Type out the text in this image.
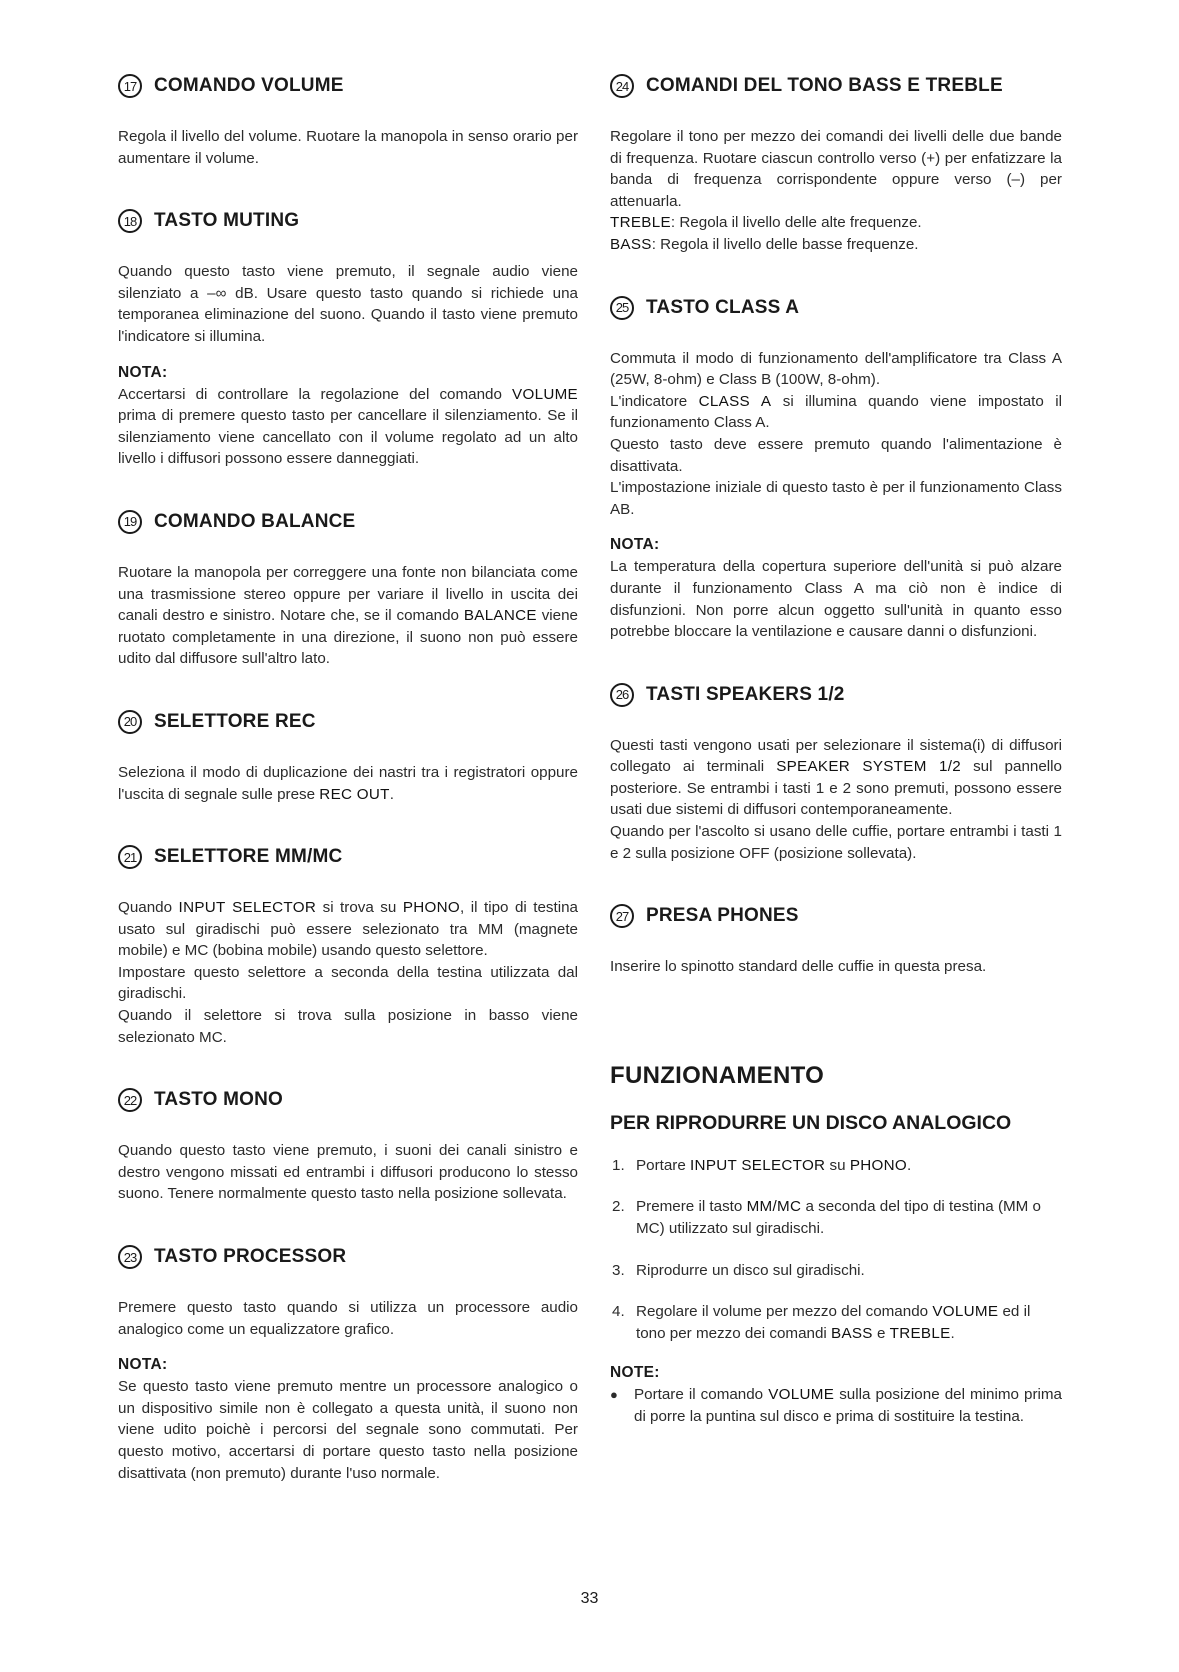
17 COMANDO VOLUME
Regola il livello del volume. Ruotare la manopola in senso orario per aumentare il volume.
18 TASTO MUTING
Quando questo tasto viene premuto, il segnale audio viene silenziato a –∞ dB. Usare questo tasto quando si richiede una temporanea eliminazione del suono. Quando il tasto viene premuto l'indicatore si illumina.
NOTA:
Accertarsi di controllare la regolazione del comando VOLUME prima di premere questo tasto per cancellare il silenziamento. Se il silenziamento viene cancellato con il volume regolato ad un alto livello i diffusori possono essere danneggiati.
19 COMANDO BALANCE
Ruotare la manopola per correggere una fonte non bilanciata come una trasmissione stereo oppure per variare il livello in uscita dei canali destro e sinistro. Notare che, se il comando BALANCE viene ruotato completamente in una direzione, il suono non può essere udito dal diffusore sull'altro lato.
20 SELETTORE REC
Seleziona il modo di duplicazione dei nastri tra i registratori oppure l'uscita di segnale sulle prese REC OUT.
21 SELETTORE MM/MC

Quando INPUT SELECTOR si trova su PHONO, il tipo di testina usato sul giradischi può essere selezionato tra MM (magnete mobile) e MC (bobina mobile) usando questo selettore.

Impostare questo selettore a seconda della testina utilizzata dal giradischi.

Quando il selettore si trova sulla posizione in basso viene selezionato MC.

22 TASTO MONO
Quando questo tasto viene premuto, i suoni dei canali sinistro e destro vengono missati ed entrambi i diffusori producono lo stesso suono. Tenere normalmente questo tasto nella posizione sollevata.
23 TASTO PROCESSOR
Premere questo tasto quando si utilizza un processore audio analogico come un equalizzatore grafico.
NOTA:
Se questo tasto viene premuto mentre un processore analogico o un dispositivo simile non è collegato a questa unità, il suono non viene udito poichè i percorsi del segnale sono commutati. Per questo motivo, accertarsi di portare questo tasto nella posizione disattivata (non premuto) durante l'uso normale.
24 COMANDI DEL TONO BASS E TREBLE

Regolare il tono per mezzo dei comandi dei livelli delle due bande di frequenza. Ruotare ciascun controllo verso (+) per enfatizzare la banda di frequenza corrispondente oppure verso (–) per attenuarla.

TREBLE: Regola il livello delle alte frequenze.

BASS: Regola il livello delle basse frequenze.

25 TASTO CLASS A

Commuta il modo di funzionamento dell'amplificatore tra Class A (25W, 8-ohm) e Class B (100W, 8-ohm).

L'indicatore CLASS A si illumina quando viene impostato il funzionamento Class A.

Questo tasto deve essere premuto quando l'alimentazione è disattivata.

L'impostazione iniziale di questo tasto è per il funzionamento Class AB.

NOTA:
La temperatura della copertura superiore dell'unità si può alzare durante il funzionamento Class A ma ciò non è indice di disfunzioni. Non porre alcun oggetto sull'unità in quanto esso potrebbe bloccare la ventilazione e causare danni o disfunzioni.
26 TASTI SPEAKERS 1/2

Questi tasti vengono usati per selezionare il sistema(i) di diffusori collegato ai terminali SPEAKER SYSTEM 1/2 sul pannello posteriore. Se entrambi i tasti 1 e 2 sono premuti, possono essere usati due sistemi di diffusori contemporaneamente.

Quando per l'ascolto si usano delle cuffie, portare entrambi i tasti 1 e 2 sulla posizione OFF (posizione sollevata).

27 PRESA PHONES
Inserire lo spinotto standard delle cuffie in questa presa.
FUNZIONAMENTO
PER RIPRODURRE UN DISCO ANALOGICO
1. Portare INPUT SELECTOR su PHONO.
2. Premere il tasto MM/MC a seconda del tipo di testina (MM o MC) utilizzato sul giradischi.
3. Riprodurre un disco sul giradischi.
4. Regolare il volume per mezzo del comando VOLUME ed il tono per mezzo dei comandi BASS e TREBLE.
NOTE:
●	Portare il comando VOLUME sulla posizione del minimo prima di porre la puntina sul disco e prima di sostituire la testina.
33
